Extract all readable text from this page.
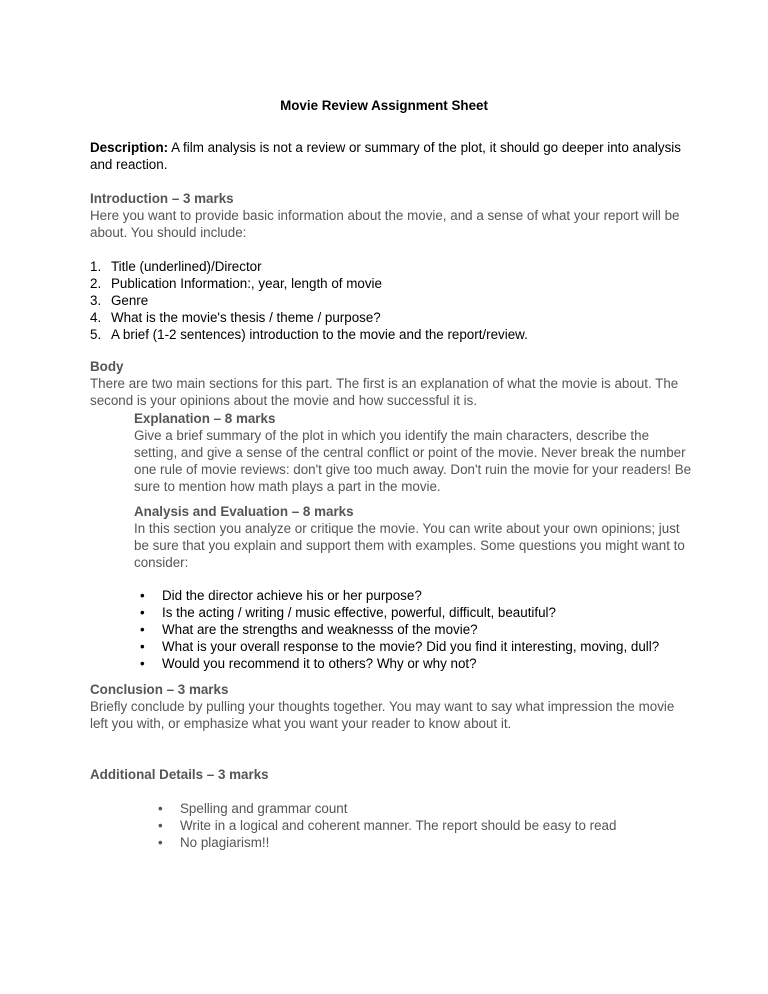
Movie Review Assignment Sheet

Description: A film analysis is not a review or summary of the plot, it should go deeper into analysis and reaction.

Introduction – 3 marks

Here you want to provide basic information about the movie, and a sense of what your report will be about. You should include:

1. Title (underlined)/Director
2. Publication Information:, year, length of movie
3. Genre
4. What is the movie's thesis / theme / purpose?
5. A brief (1-2 sentences) introduction to the movie and the report/review.

Body

There are two main sections for this part. The first is an explanation of what the movie is about. The second is your opinions about the movie and how successful it is.

Explanation – 8 marks

Give a brief summary of the plot in which you identify the main characters, describe the setting, and give a sense of the central conflict or point of the movie. Never break the number one rule of movie reviews: don't give too much away. Don't ruin the movie for your readers! Be sure to mention how math plays a part in the movie.

Analysis and Evaluation – 8 marks

In this section you analyze or critique the movie. You can write about your own opinions; just be sure that you explain and support them with examples. Some questions you might want to consider:

• Did the director achieve his or her purpose?
• Is the acting / writing / music effective, powerful, difficult, beautiful?
• What are the strengths and weaknesss of the movie?
• What is your overall response to the movie? Did you find it interesting, moving, dull?
• Would you recommend it to others? Why or why not?

Conclusion – 3 marks

Briefly conclude by pulling your thoughts together. You may want to say what impression the movie left you with, or emphasize what you want your reader to know about it.

Additional Details – 3 marks

• Spelling and grammar count
• Write in a logical and coherent manner. The report should be easy to read
• No plagiarism!!
